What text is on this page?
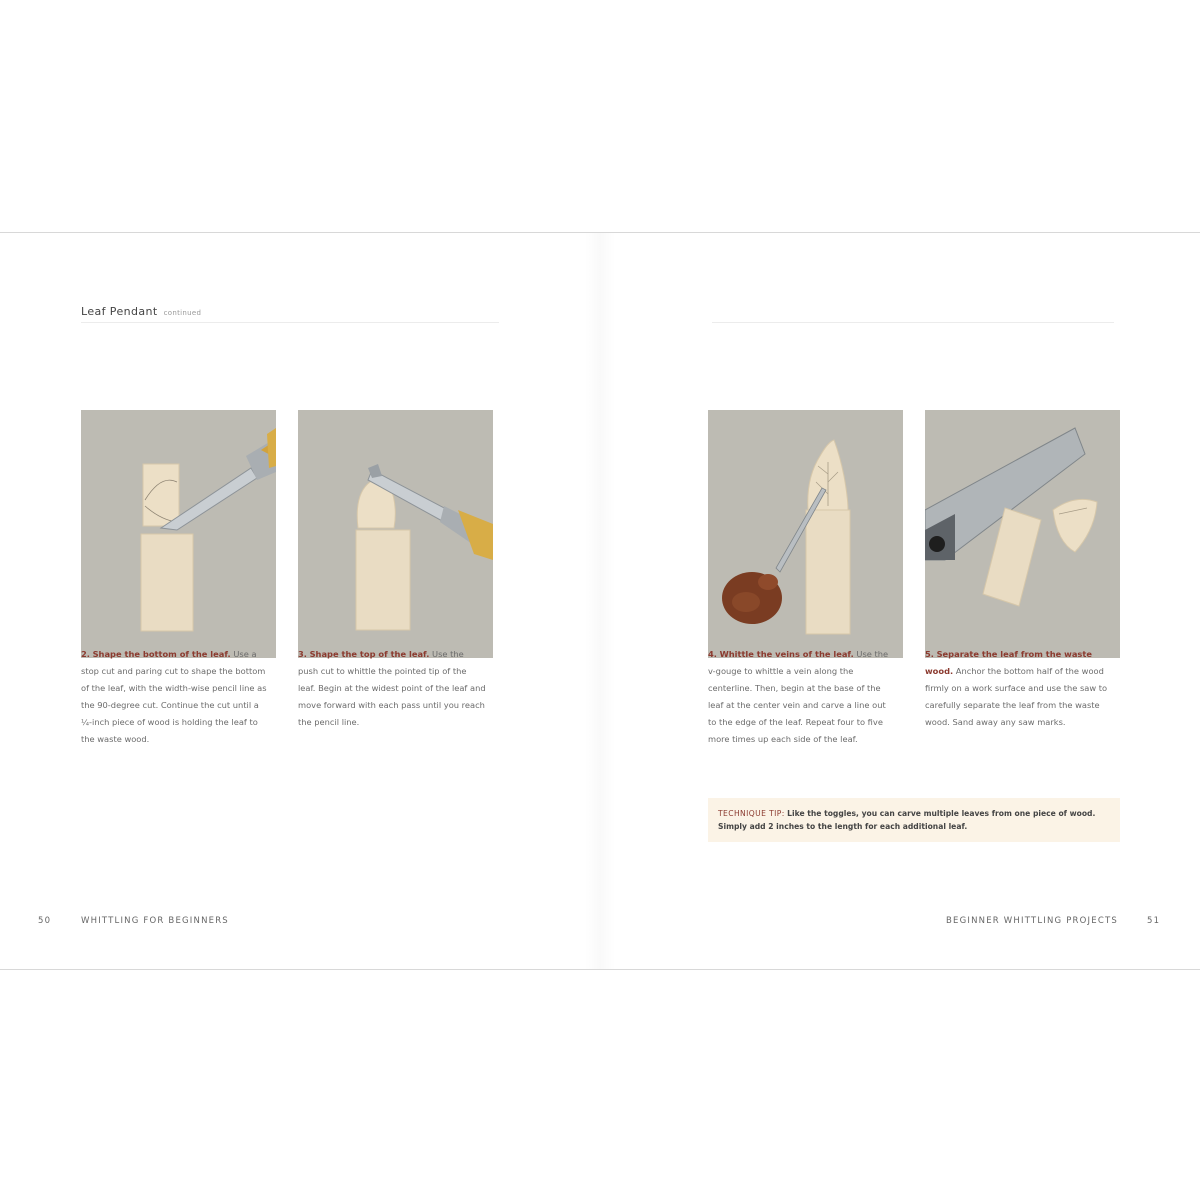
Leaf Pendant continued
2. Shape the bottom of the leaf. Use a stop cut and paring cut to shape the bottom of the leaf, with the width-wise pencil line as the 90-degree cut. Continue the cut until a ¼-inch piece of wood is holding the leaf to the waste wood.
3. Shape the top of the leaf. Use the push cut to whittle the pointed tip of the leaf. Begin at the widest point of the leaf and move forward with each pass until you reach the pencil line.
4. Whittle the veins of the leaf. Use the v-gouge to whittle a vein along the centerline. Then, begin at the base of the leaf at the center vein and carve a line out to the edge of the leaf. Repeat four to five more times up each side of the leaf.
5. Separate the leaf from the waste wood. Anchor the bottom half of the wood firmly on a work surface and use the saw to carefully separate the leaf from the waste wood. Sand away any saw marks.
TECHNIQUE TIP: Like the toggles, you can carve multiple leaves from one piece of wood. Simply add 2 inches to the length for each additional leaf.
50	WHITTLING FOR BEGINNERS	BEGINNER WHITTLING PROJECTS	51
